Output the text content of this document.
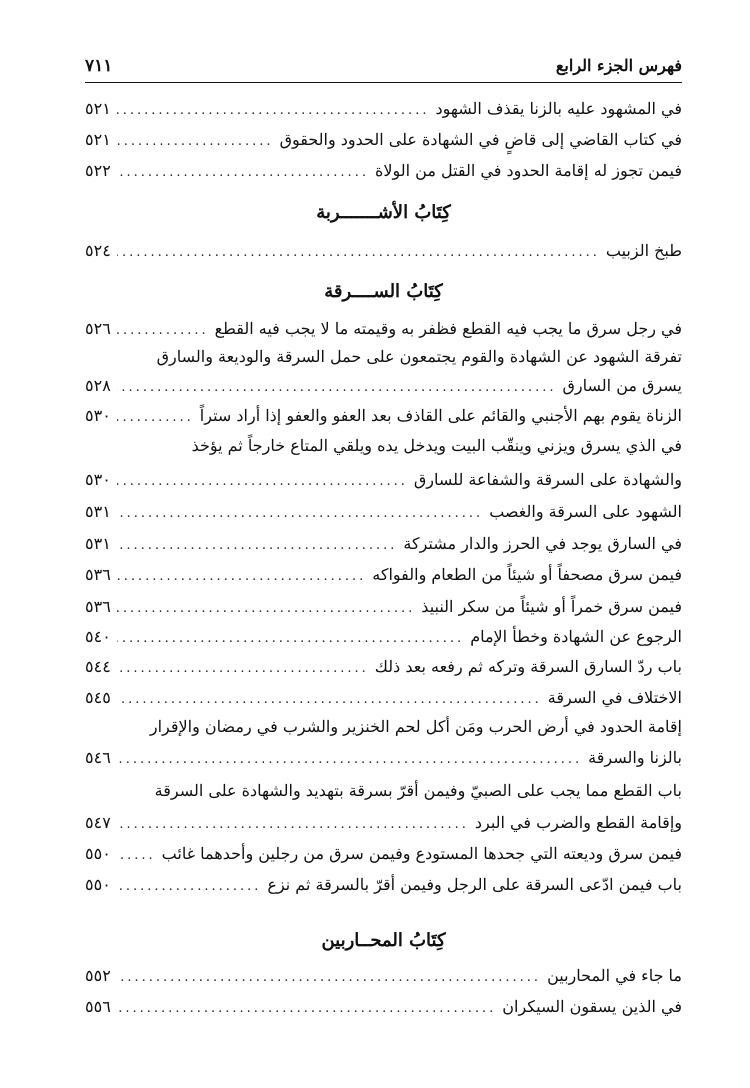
فهرس الجزء الرابع
٧١١
في المشهود عليه بالزنا يقذف الشهود
.....
٥٢١
في كتاب القاضي إلى قاضٍ في الشهادة على الحدود والحقوق
.....
٥٢١
فيمن تجوز له إقامة الحدود في القتل من الولاة
.....
٥٢٢
كِتَابُ الأشـــــــربة
طبخ الزبيب
.....
٥٢٤
كِتَابُ الســــرقة
في رجل سرق ما يجب فيه القطع فظفر به وقيمته ما لا يجب فيه القطع
.....
٥٢٦
تفرقة الشهود عن الشهادة والقوم يجتمعون على حمل السرقة والوديعة والسارق
يسرق من السارق
.....
٥٢٨
الزناة يقوم بهم الأجنبي والقائم على القاذف بعد العفو والعفو إذا أراد ستراً
.....
٥٣٠
في الذي يسرق ويزني وينقّب البيت ويدخل يده ويلقي المتاع خارجاً ثم يؤخذ
والشهادة على السرقة والشفاعة للسارق
.....
٥٣٠
الشهود على السرقة والغصب
.....
٥٣١
في السارق يوجد في الحرز والدار مشتركة
.....
٥٣١
فيمن سرق مصحفاً أو شيئاً من الطعام والفواكه
.....
٥٣٦
فيمن سرق خمراً أو شيئاً من سكر النبيذ
.....
٥٣٦
الرجوع عن الشهادة وخطأ الإمام
.....
٥٤٠
باب ردّ السارق السرقة وتركه ثم رفعه بعد ذلك
.....
٥٤٤
الاختلاف في السرقة
.....
٥٤٥
إقامة الحدود في أرض الحرب ومَن أكل لحم الخنزير والشرب في رمضان والإقرار
بالزنا والسرقة
.....
٥٤٦
باب القطع مما يجب على الصبيّ وفيمن أقرّ بسرقة بتهديد والشهادة على السرقة
وإقامة القطع والضرب في البرد
.....
٥٤٧
فيمن سرق وديعته التي جحدها المستودع وفيمن سرق من رجلين وأحدهما غائب
.....
٥٥٠
باب فيمن ادّعى السرقة على الرجل وفيمن أقرّ بالسرقة ثم نزع
.....
٥٥٠
كِتَابُ المحــاربين
ما جاء في المحاربين
.....
٥٥٢
في الذين يسقون السيكران
.....
٥٥٦
